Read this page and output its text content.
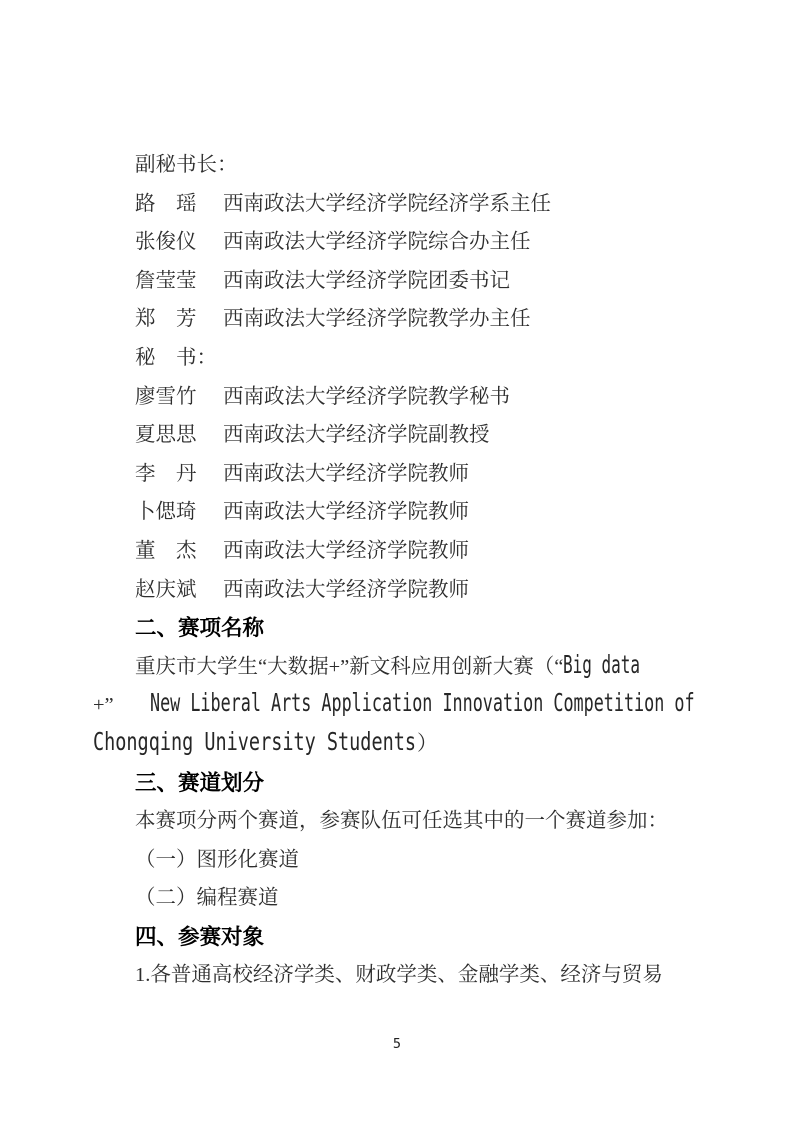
副秘书长：
路　瑶 西南政法大学经济学院经济学系主任
张俊仪 西南政法大学经济学院综合办主任
詹莹莹 西南政法大学经济学院团委书记
郑　芳 西南政法大学经济学院教学办主任
秘　书：
廖雪竹 西南政法大学经济学院教学秘书
夏思思 西南政法大学经济学院副教授
李　丹 西南政法大学经济学院教师
卜偲琦 西南政法大学经济学院教师
董　杰 西南政法大学经济学院教师
赵庆斌 西南政法大学经济学院教师
二、赛项名称
重庆市大学生“大数据+”新文科应用创新大赛（“Big data
+” New Liberal Arts Application Innovation Competition of
Chongqing University Students）
三、赛道划分
本赛项分两个赛道，参赛队伍可任选其中的一个赛道参加：
（一）图形化赛道
（二）编程赛道
四、参赛对象
1.各普通高校经济学类、财政学类、金融学类、经济与贸易
5
